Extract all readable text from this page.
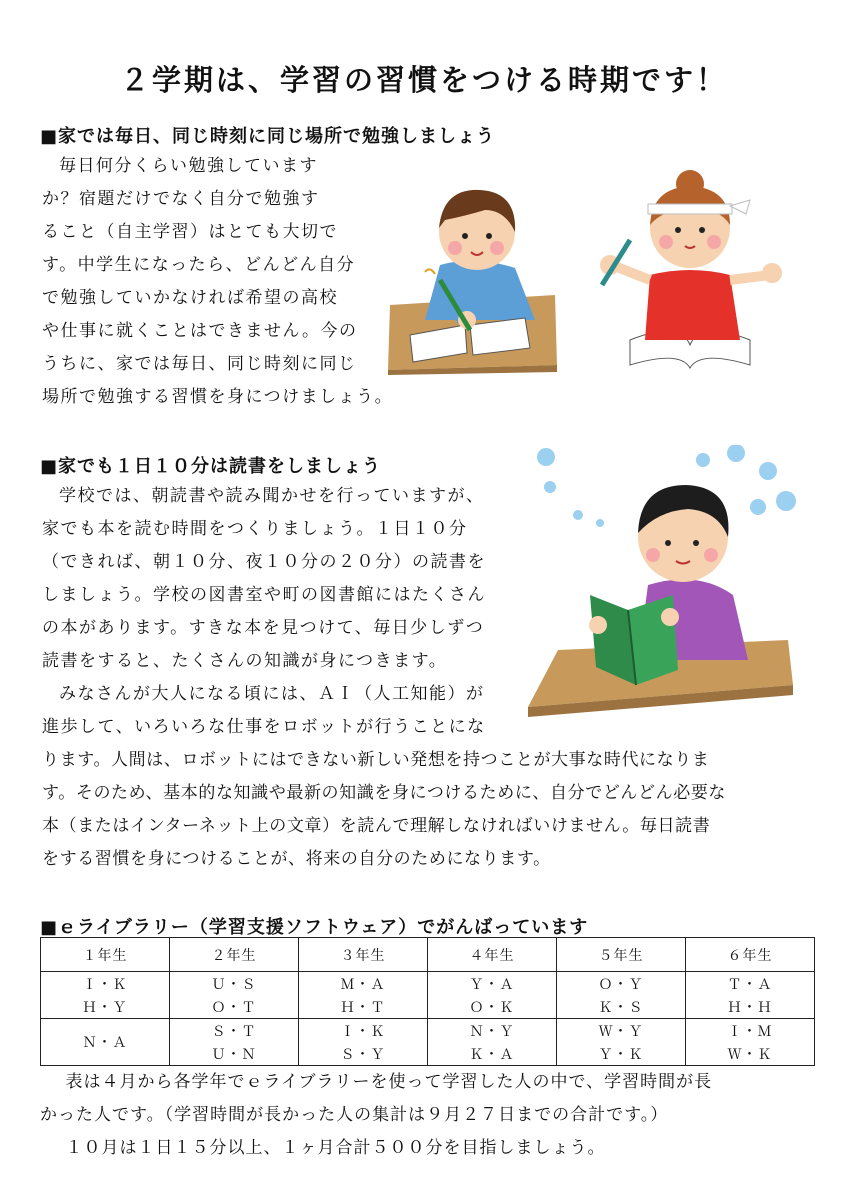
２学期は、学習の習慣をつける時期です！
■家では毎日、同じ時刻に同じ場所で勉強しましょう

毎日何分くらい勉強しています

か？宿題だけでなく自分で勉強す

ること（自主学習）はとても大切で

す。中学生になったら、どんどん自分

で勉強していかなければ希望の高校

や仕事に就くことはできません。今の

うちに、家では毎日、同じ時刻に同じ

場所で勉強する習慣を身につけましょう。

■家でも１日１０分は読書をしましょう

学校では、朝読書や読み聞かせを行っていますが、

家でも本を読む時間をつくりましょう。１日１０分

（できれば、朝１０分、夜１０分の２０分）の読書を

しましょう。学校の図書室や町の図書館にはたくさん

の本があります。すきな本を見つけて、毎日少しずつ

読書をすると、たくさんの知識が身につきます。

みなさんが大人になる頃には、ＡＩ（人工知能）が

進歩して、いろいろな仕事をロボットが行うことにな

ります。人間は、ロボットにはできない新しい発想を持つことが大事な時代になりま

す。そのため、基本的な知識や最新の知識を身につけるために、自分でどんどん必要な

本（またはインターネット上の文章）を読んで理解しなければいけません。毎日読書

をする習慣を身につけることが、将来の自分のためになります。

■ｅライブラリー（学習支援ソフトウェア）でがんばっています
１年生	２年生	３年生	４年生	５年生	６年生
Ｉ・Ｋ	Ｕ・Ｓ	Ｍ・Ａ	Ｙ・Ａ	Ｏ・Ｙ	Ｔ・Ａ
Ｈ・Ｙ	Ｏ・Ｔ	Ｈ・Ｔ	Ｏ・Ｋ	Ｋ・Ｓ	Ｈ・Ｈ
Ｎ・Ａ	Ｓ・Ｔ	Ｉ・Ｋ	Ｎ・Ｙ	Ｗ・Ｙ	Ｉ・Ｍ
	Ｕ・Ｎ	Ｓ・Ｙ	Ｋ・Ａ	Ｙ・Ｋ	Ｗ・Ｋ
表は４月から各学年でｅライブラリーを使って学習した人の中で、学習時間が長
かった人です。（学習時間が長かった人の集計は９月２７日までの合計です。）
１０月は１日１５分以上、１ヶ月合計５００分を目指しましょう。
